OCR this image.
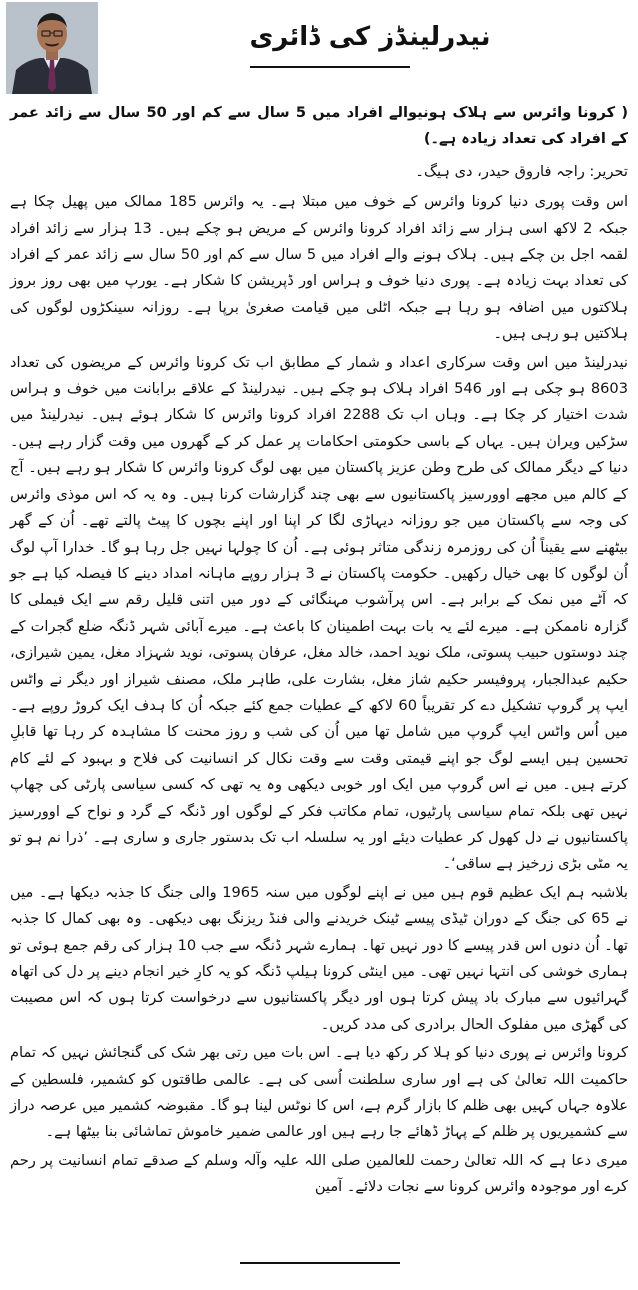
نیدرلینڈز کی ڈائری
( کرونا وائرس سے ہلاک ہونیوالے افراد میں 5 سال سے کم اور 50 سال سے زائد عمر کے افراد کی تعداد زیادہ ہے۔)
تحریر: راجہ فاروق حیدر، دی ہیگ۔
اس وقت پوری دنیا کرونا وائرس کے خوف میں مبتلا ہے۔ یہ وائرس 185 ممالک میں پھیل چکا ہے جبکہ 2 لاکھ اسی ہزار سے زائد افراد کرونا وائرس کے مریض ہو چکے ہیں۔ 13 ہزار سے زائد افراد لقمہ اجل بن چکے ہیں۔ ہلاک ہونے والے افراد میں 5 سال سے کم اور 50 سال سے زائد عمر کے افراد کی تعداد بہت زیادہ ہے۔ پوری دنیا خوف و ہراس اور ڈپریشن کا شکار ہے۔ یورپ میں بھی روز بروز ہلاکتوں میں اضافہ ہو رہا ہے جبکہ اٹلی میں قیامت صغریٰ برپا ہے۔ روزانہ سینکڑوں لوگوں کی ہلاکتیں ہو رہی ہیں۔
نیدرلینڈ میں اس وقت سرکاری اعداد و شمار کے مطابق اب تک کرونا وائرس کے مریضوں کی تعداد 8603 ہو چکی ہے اور 546 افراد ہلاک ہو چکے ہیں۔ نیدرلینڈ کے علاقے برابانت میں خوف و ہراس شدت اختیار کر چکا ہے۔ وہاں اب تک 2288 افراد کرونا وائرس کا شکار ہوئے ہیں۔ نیدرلینڈ میں سڑکیں ویران ہیں۔ یہاں کے باسی حکومتی احکامات پر عمل کر کے گھروں میں وقت گزار رہے ہیں۔ دنیا کے دیگر ممالک کی طرح وطن عزیز پاکستان میں بھی لوگ کرونا وائرس کا شکار ہو رہے ہیں۔ آج کے کالم میں مجھے اوورسیز پاکستانیوں سے بھی چند گزارشات کرنا ہیں۔ وہ یہ کہ اس موذی وائرس کی وجہ سے پاکستان میں جو روزانہ دیہاڑی لگا کر اپنا اور اپنے بچوں کا پیٹ پالتے تھے۔ اُن کے گھر بیٹھنے سے یقیناً اُن کی روزمرہ زندگی متاثر ہوئی ہے۔ اُن کا چولہا نہیں جل رہا ہو گا۔ خدارا آپ لوگ اُن لوگوں کا بھی خیال رکھیں۔ حکومت پاکستان نے 3 ہزار روپے ماہانہ امداد دینے کا فیصلہ کیا ہے جو کہ آٹے میں نمک کے برابر ہے۔ اس پرآشوب مہنگائی کے دور میں اتنی قلیل رقم سے ایک فیملی کا گزارہ ناممکن ہے۔ میرے لئے یہ بات بہت اطمینان کا باعث ہے۔ میرے آبائی شہر ڈنگہ ضلع گجرات کے چند دوستوں حبیب پسوتی، ملک نوید احمد، خالد مغل، عرفان پسوتی، نوید شہزاد مغل، یمین شیرازی، حکیم عبدالجبار، پروفیسر حکیم شاز مغل، بشارت علی، طاہر ملک، مصنف شیراز اور دیگر نے واٹس ایپ پر گروپ تشکیل دے کر تقریباً 60 لاکھ کے عطیات جمع کئے جبکہ اُن کا ہدف ایک کروڑ روپے ہے۔ میں اُس واٹس ایپ گروپ میں شامل تھا میں اُن کی شب و روز محنت کا مشاہدہ کر رہا تھا قابلِ تحسین ہیں ایسے لوگ جو اپنے قیمتی وقت سے وقت نکال کر انسانیت کی فلاح و بہبود کے لئے کام کرتے ہیں۔ میں نے اس گروپ میں ایک اور خوبی دیکھی وہ یہ تھی کہ کسی سیاسی پارٹی کی چھاپ نہیں تھی بلکہ تمام سیاسی پارٹیوں، تمام مکاتب فکر کے لوگوں اور ڈنگہ کے گرد و نواح کے اوورسیز پاکستانیوں نے دل کھول کر عطیات دیئے اور یہ سلسلہ اب تک بدستور جاری و ساری ہے۔ ’ذرا نم ہو تو یہ مٹی بڑی زرخیز ہے ساقی‘۔
بلاشبہ ہم ایک عظیم قوم ہیں میں نے اپنے لوگوں میں سنہ 1965 والی جنگ کا جذبہ دیکھا ہے۔ میں نے 65 کی جنگ کے دوران ٹیڈی پیسے ٹینک خریدنے والی فنڈ ریزنگ بھی دیکھی۔ وہ بھی کمال کا جذبہ تھا۔ اُن دنوں اس قدر پیسے کا دور نہیں تھا۔ ہمارے شہر ڈنگہ سے جب 10 ہزار کی رقم جمع ہوئی تو ہماری خوشی کی انتہا نہیں تھی۔ میں اینٹی کرونا ہیلپ ڈنگہ کو یہ کارِ خیر انجام دینے پر دل کی اتھاہ گہرائیوں سے مبارک باد پیش کرتا ہوں اور دیگر پاکستانیوں سے درخواست کرتا ہوں کہ اس مصیبت کی گھڑی میں مفلوک الحال برادری کی مدد کریں۔
کرونا وائرس نے پوری دنیا کو ہلا کر رکھ دیا ہے۔ اس بات میں رتی بھر شک کی گنجائش نہیں کہ تمام حاکمیت اللہ تعالیٰ کی ہے اور ساری سلطنت اُسی کی ہے۔ عالمی طاقتوں کو کشمیر، فلسطین کے علاوہ جہاں کہیں بھی ظلم کا بازار گرم ہے، اس کا نوٹس لینا ہو گا۔ مقبوضہ کشمیر میں عرصہ دراز سے کشمیریوں پر ظلم کے پہاڑ ڈھائے جا رہے ہیں اور عالمی ضمیر خاموش تماشائی بنا بیٹھا ہے۔
میری دعا ہے کہ اللہ تعالیٰ رحمت للعالمین صلی اللہ علیہ وآلہ وسلم کے صدقے تمام انسانیت پر رحم کرے اور موجودہ وائرس کرونا سے نجات دلائے۔ آمین
